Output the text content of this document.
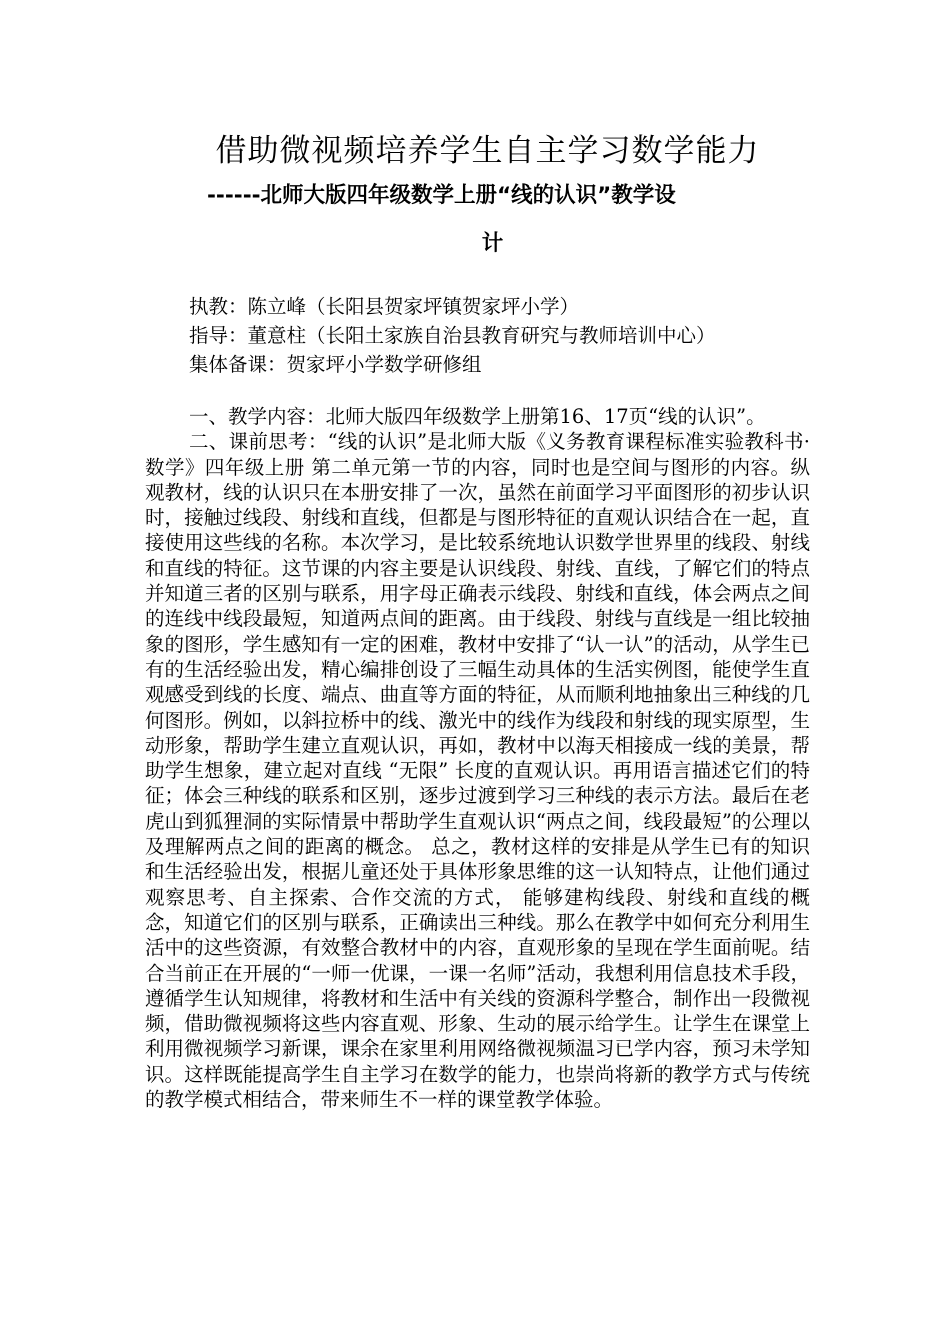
借助微视频培养学生自主学习数学能力
------北师大版四年级数学上册“线的认识”教学设
计
执教：陈立峰（长阳县贺家坪镇贺家坪小学）
指导：董意柱（长阳土家族自治县教育研究与教师培训中心）
集体备课：贺家坪小学数学研修组

一、教学内容：北师大版四年级数学上册第16、17页“线的认识”。

二、课前思考：“线的认识”是北师大版《义务教育课程标准实验教科书·数学》四年级上册 第二单元第一节的内容，同时也是空间与图形的内容。纵观教材，线的认识只在本册安排了一次，虽然在前面学习平面图形的初步认识时，接触过线段、射线和直线，但都是与图形特征的直观认识结合在一起，直接使用这些线的名称。本次学习，是比较系统地认识数学世界里的线段、射线和直线的特征。这节课的内容主要是认识线段、射线、直线，了解它们的特点并知道三者的区别与联系，用字母正确表示线段、射线和直线，体会两点之间的连线中线段最短，知道两点间的距离。由于线段、射线与直线是一组比较抽象的图形，学生感知有一定的困难，教材中安排了“认一认”的活动，从学生已有的生活经验出发，精心编排创设了三幅生动具体的生活实例图，能使学生直观感受到线的长度、端点、曲直等方面的特征，从而顺利地抽象出三种线的几何图形。例如，以斜拉桥中的线、激光中的线作为线段和射线的现实原型，生动形象，帮助学生建立直观认识，再如，教材中以海天相接成一线的美景，帮助学生想象，建立起对直线 “无限” 长度的直观认识。再用语言描述它们的特征；体会三种线的联系和区别，逐步过渡到学习三种线的表示方法。最后在老虎山到狐狸洞的实际情景中帮助学生直观认识“两点之间，线段最短”的公理以及理解两点之间的距离的概念。 总之，教材这样的安排是从学生已有的知识和生活经验出发，根据儿童还处于具体形象思维的这一认知特点，让他们通过观察思考、自主探索、合作交流的方式， 能够建构线段、射线和直线的概念，知道它们的区别与联系，正确读出三种线。那么在教学中如何充分利用生活中的这些资源，有效整合教材中的内容，直观形象的呈现在学生面前呢。结合当前正在开展的“一师一优课，一课一名师”活动，我想利用信息技术手段，遵循学生认知规律，将教材和生活中有关线的资源科学整合，制作出一段微视频，借助微视频将这些内容直观、形象、生动的展示给学生。让学生在课堂上利用微视频学习新课，课余在家里利用网络微视频温习已学内容，预习未学知识。这样既能提高学生自主学习在数学的能力，也崇尚将新的教学方式与传统的教学模式相结合，带来师生不一样的课堂教学体验。
